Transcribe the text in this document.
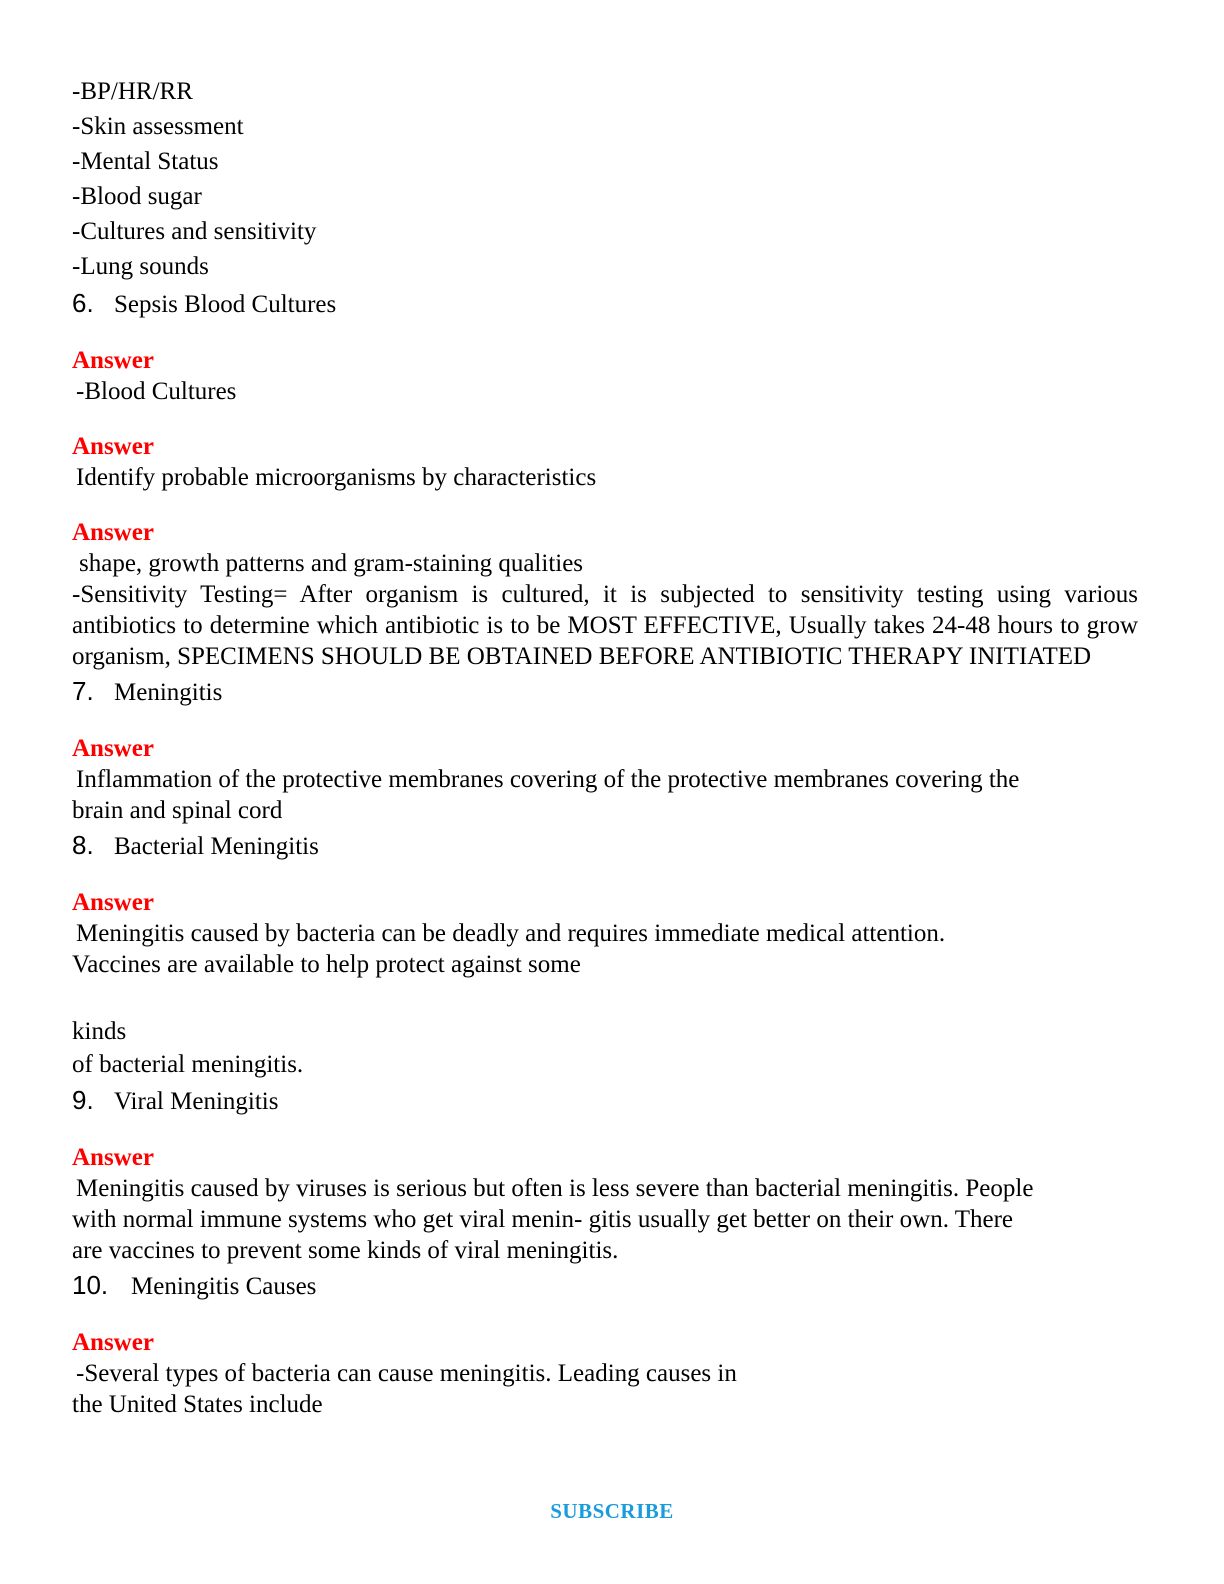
-BP/HR/RR
-Skin assessment
-Mental Status
-Blood sugar
-Cultures and sensitivity
-Lung sounds
6. Sepsis Blood Cultures
Answer
-Blood Cultures
Answer
Identify probable microorganisms by characteristics
Answer
shape, growth patterns and gram-staining qualities
-Sensitivity Testing= After organism is cultured, it is subjected to sensitivity testing using various antibiotics to determine which antibiotic is to be MOST EFFECTIVE, Usually takes 24-48 hours to grow organism, SPECIMENS SHOULD BE OBTAINED BEFORE ANTIBIOTIC THERAPY INITIATED
7. Meningitis
Answer
Inflammation of the protective membranes covering of the protective membranes covering the
brain and spinal cord
8. Bacterial Meningitis
Answer
Meningitis caused by bacteria can be deadly and requires immediate medical attention.
Vaccines are available to help protect against some
kinds
of bacterial meningitis.
9. Viral Meningitis
Answer
Meningitis caused by viruses is serious but often is less severe than bacterial meningitis. People
with normal immune systems who get viral menin- gitis usually get better on their own. There
are vaccines to prevent some kinds of viral meningitis.
10. Meningitis Causes
Answer
-Several types of bacteria can cause meningitis. Leading causes in
the United States include
SUBSCRIBE
